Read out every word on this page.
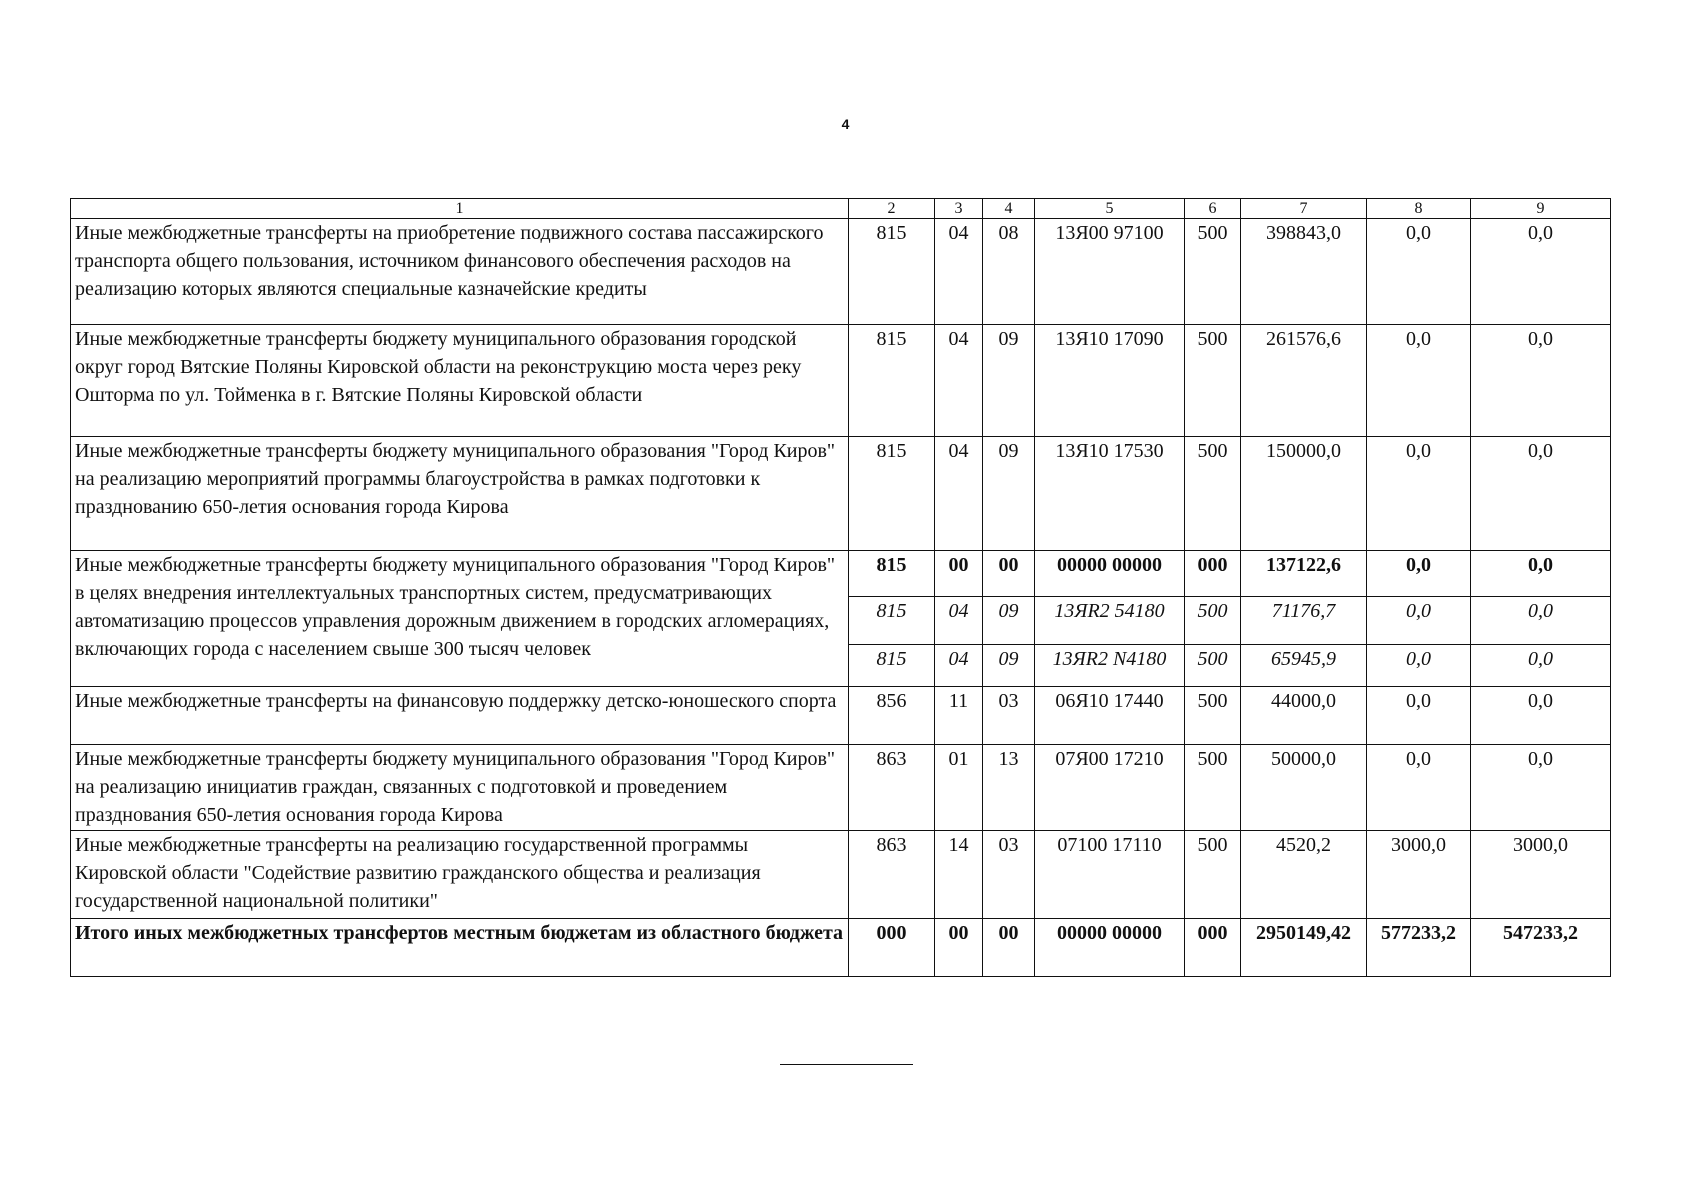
4
1	2	3	4	5	6	7	8	9
Иные межбюджетные трансферты на приобретение подвижного состава пассажирского транспорта общего пользования, источником финансового обеспечения расходов на реализацию которых являются специальные казначейские кредиты	815	04	08	13Я00 97100	500	398843,0	0,0	0,0
Иные межбюджетные трансферты бюджету муниципального образования городской округ город Вятские Поляны Кировской области на реконструкцию моста через реку Ошторма по ул. Тойменка в г. Вятские Поляны Кировской области	815	04	09	13Я10 17090	500	261576,6	0,0	0,0
Иные межбюджетные трансферты бюджету муниципального образования "Город Киров" на реализацию мероприятий программы благоустройства в рамках подготовки к празднованию 650-летия основания города Кирова	815	04	09	13Я10 17530	500	150000,0	0,0	0,0
Иные межбюджетные трансферты бюджету муниципального образования "Город Киров" в целях внедрения интеллектуальных транспортных систем, предусматривающих автоматизацию процессов управления дорожным движением в городских агломерациях, включающих города с населением свыше 300 тысяч человек	815	00	00	00000 00000	000	137122,6	0,0	0,0
	815	04	09	13ЯR2 54180	500	71176,7	0,0	0,0
	815	04	09	13ЯR2 N4180	500	65945,9	0,0	0,0
Иные межбюджетные трансферты на финансовую поддержку детско-юношеского спорта	856	11	03	06Я10 17440	500	44000,0	0,0	0,0
Иные межбюджетные трансферты бюджету муниципального образования "Город Киров" на реализацию инициатив граждан, связанных с подготовкой и проведением празднования 650-летия основания города Кирова	863	01	13	07Я00 17210	500	50000,0	0,0	0,0
Иные межбюджетные трансферты на реализацию государственной программы Кировской области "Содействие развитию гражданского общества и реализация государственной национальной политики"	863	14	03	07100 17110	500	4520,2	3000,0	3000,0
Итого иных межбюджетных трансфертов местным бюджетам из областного бюджета	000	00	00	00000 00000	000	2950149,42	577233,2	547233,2
